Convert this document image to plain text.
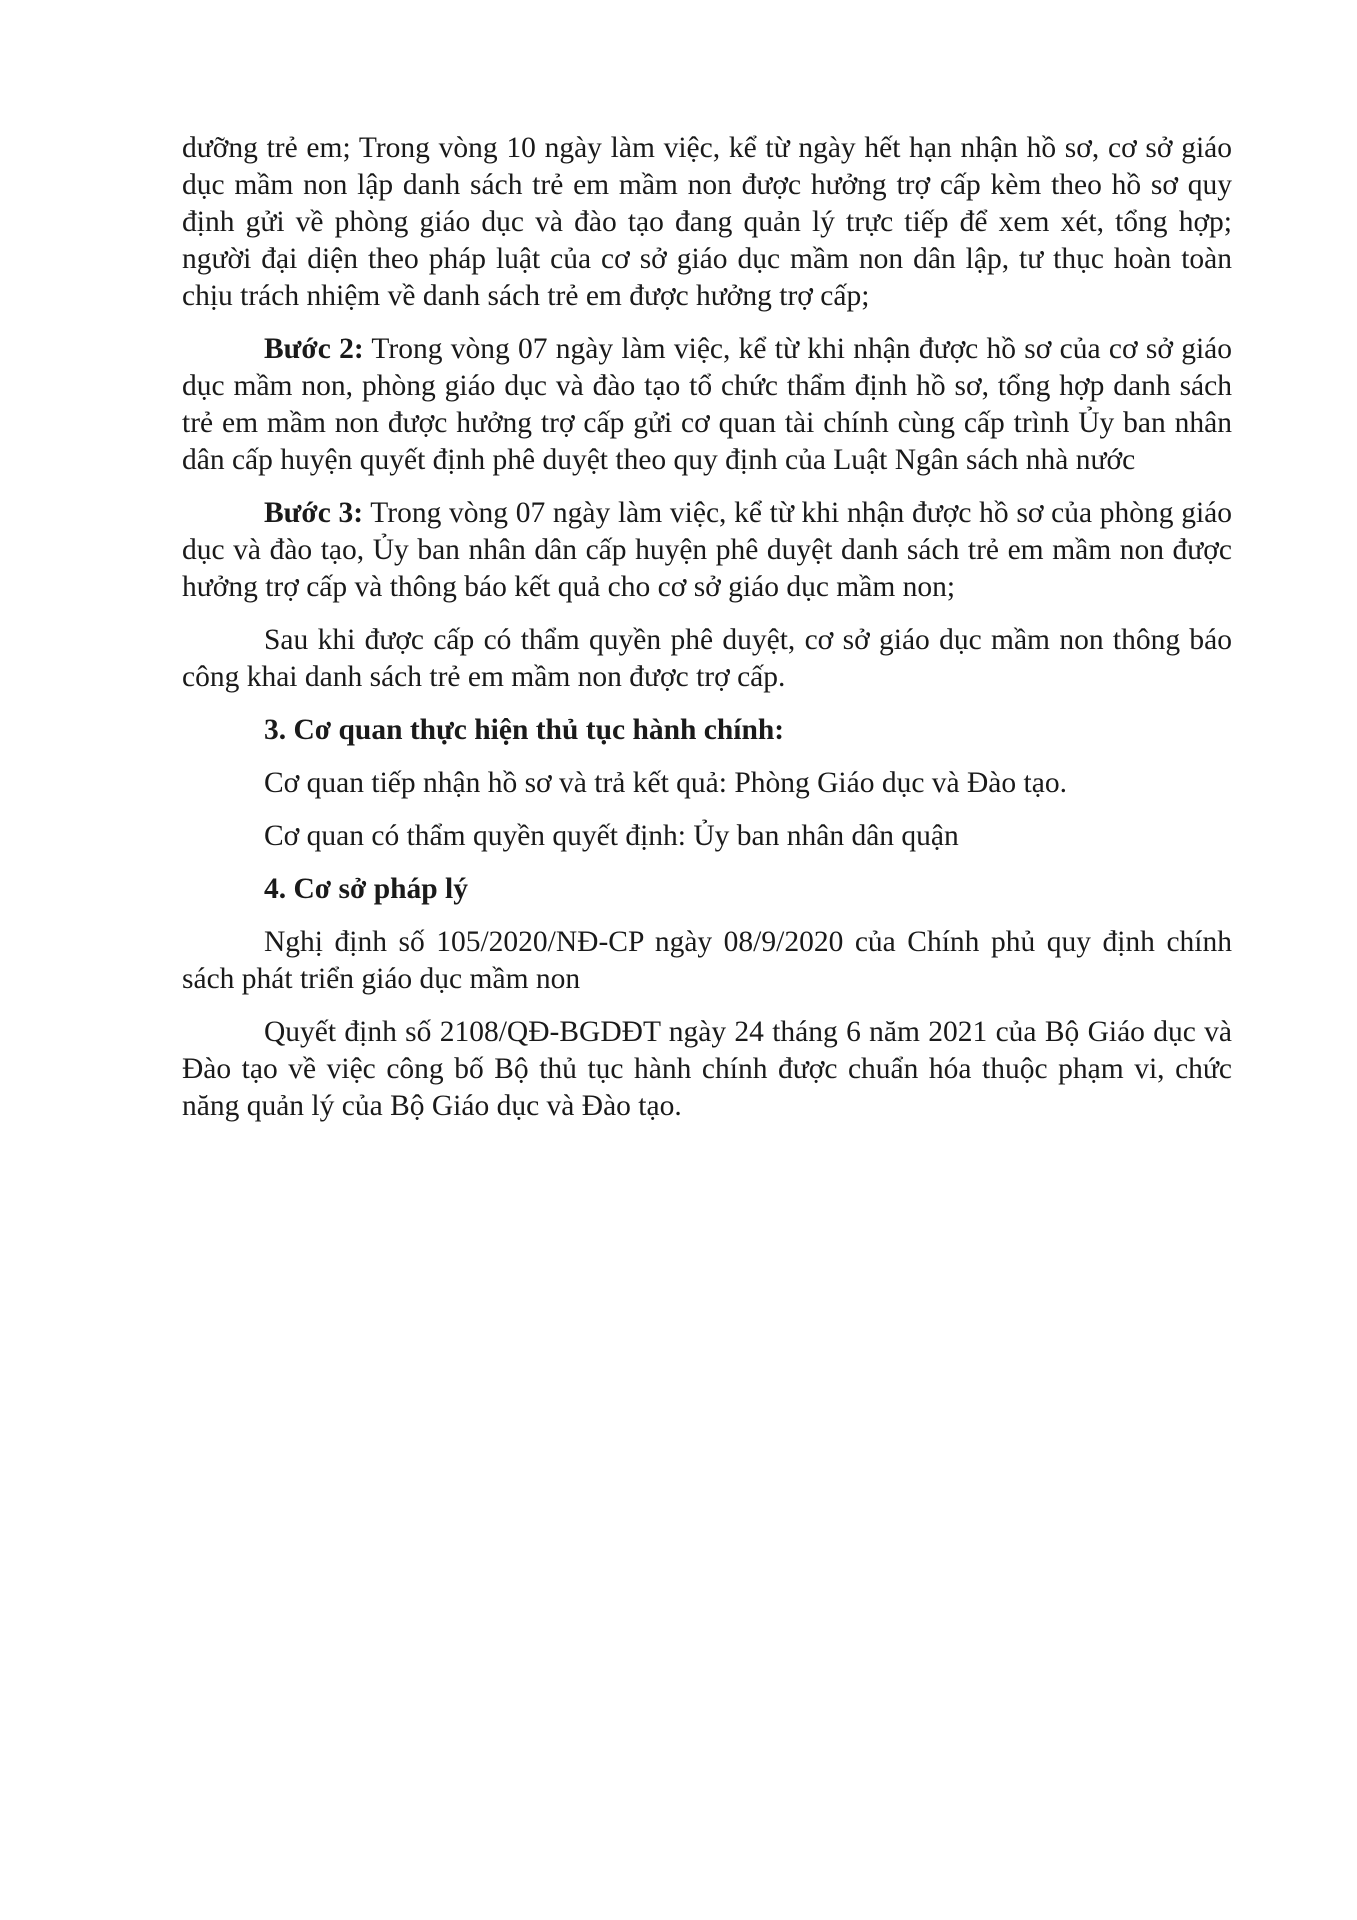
dưỡng trẻ em; Trong vòng 10 ngày làm việc, kể từ ngày hết hạn nhận hồ sơ, cơ sở giáo dục mầm non lập danh sách trẻ em mầm non được hưởng trợ cấp kèm theo hồ sơ quy định gửi về phòng giáo dục và đào tạo đang quản lý trực tiếp để xem xét, tổng hợp; người đại diện theo pháp luật của cơ sở giáo dục mầm non dân lập, tư thục hoàn toàn chịu trách nhiệm về danh sách trẻ em được hưởng trợ cấp;

Bước 2: Trong vòng 07 ngày làm việc, kể từ khi nhận được hồ sơ của cơ sở giáo dục mầm non, phòng giáo dục và đào tạo tổ chức thẩm định hồ sơ, tổng hợp danh sách trẻ em mầm non được hưởng trợ cấp gửi cơ quan tài chính cùng cấp trình Ủy ban nhân dân cấp huyện quyết định phê duyệt theo quy định của Luật Ngân sách nhà nước

Bước 3: Trong vòng 07 ngày làm việc, kể từ khi nhận được hồ sơ của phòng giáo dục và đào tạo, Ủy ban nhân dân cấp huyện phê duyệt danh sách trẻ em mầm non được hưởng trợ cấp và thông báo kết quả cho cơ sở giáo dục mầm non;

Sau khi được cấp có thẩm quyền phê duyệt, cơ sở giáo dục mầm non thông báo công khai danh sách trẻ em mầm non được trợ cấp.

3. Cơ quan thực hiện thủ tục hành chính:

Cơ quan tiếp nhận hồ sơ và trả kết quả: Phòng Giáo dục và Đào tạo.

Cơ quan có thẩm quyền quyết định: Ủy ban nhân dân quận

4. Cơ sở pháp lý

Nghị định số 105/2020/NĐ-CP ngày 08/9/2020 của Chính phủ quy định chính sách phát triển giáo dục mầm non

Quyết định số 2108/QĐ-BGDĐT ngày 24 tháng 6 năm 2021 của Bộ Giáo dục và Đào tạo về việc công bố Bộ thủ tục hành chính được chuẩn hóa thuộc phạm vi, chức năng quản lý của Bộ Giáo dục và Đào tạo.
